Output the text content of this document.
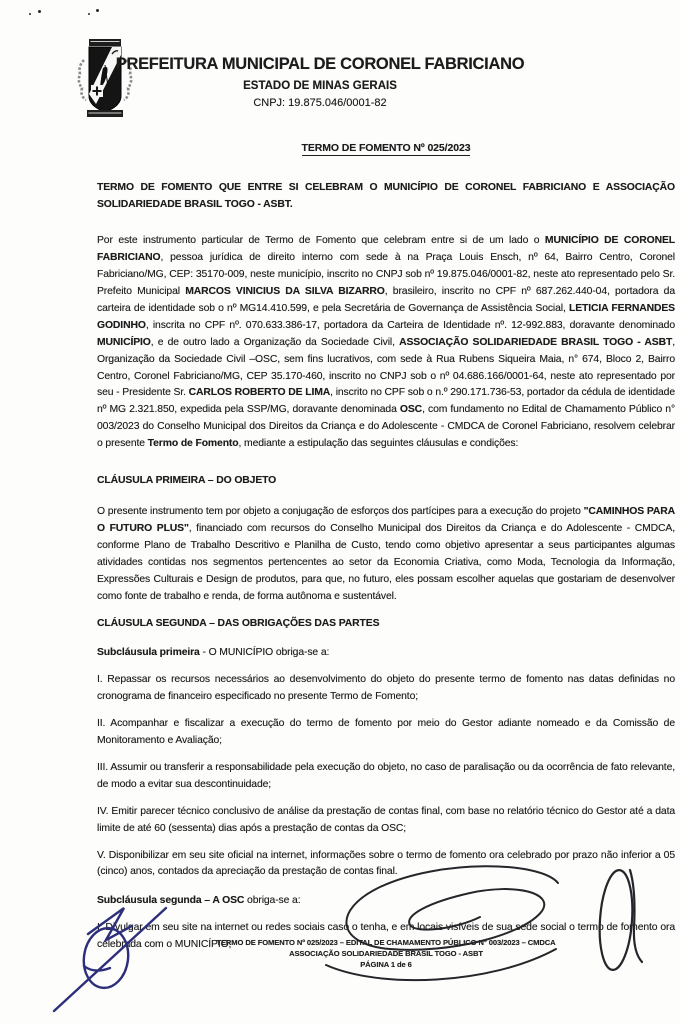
PREFEITURA MUNICIPAL DE CORONEL FABRICIANO
ESTADO DE MINAS GERAIS
CNPJ: 19.875.046/0001-82
TERMO DE FOMENTO Nº 025/2023

TERMO DE FOMENTO QUE ENTRE SI CELEBRAM O MUNICÍPIO DE CORONEL FABRICIANO E ASSOCIAÇÃO SOLIDARIEDADE BRASIL TOGO - ASBT.

Por este instrumento particular de Termo de Fomento que celebram entre si de um lado o MUNICÍPIO DE CORONEL FABRICIANO, pessoa jurídica de direito interno com sede à na Praça Louis Ensch, nº 64, Bairro Centro, Coronel Fabriciano/MG, CEP: 35170-009, neste município, inscrito no CNPJ sob nº 19.875.046/0001-82, neste ato representado pelo Sr. Prefeito Municipal MARCOS VINICIUS DA SILVA BIZARRO, brasileiro, inscrito no CPF nº 687.262.440-04, portadora da carteira de identidade sob o nº MG14.410.599, e pela Secretária de Governança de Assistência Social, LETICIA FERNANDES GODINHO, inscrita no CPF nº. 070.633.386-17, portadora da Carteira de Identidade nº. 12-992.883, doravante denominado MUNICÍPIO, e de outro lado a Organização da Sociedade Civil, ASSOCIAÇÃO SOLIDARIEDADE BRASIL TOGO - ASBT, Organização da Sociedade Civil –OSC, sem fins lucrativos, com sede à Rua Rubens Siqueira Maia, n° 674, Bloco 2, Bairro Centro, Coronel Fabriciano/MG, CEP 35.170-460, inscrito no CNPJ sob o nº 04.686.166/0001-64, neste ato representado por seu - Presidente Sr. CARLOS ROBERTO DE LIMA, inscrito no CPF sob o n.º 290.171.736-53, portador da cédula de identidade nº MG 2.321.850, expedida pela SSP/MG, doravante denominada OSC, com fundamento no Edital de Chamamento Público n° 003/2023 do Conselho Municipal dos Direitos da Criança e do Adolescente - CMDCA de Coronel Fabriciano, resolvem celebrar o presente Termo de Fomento, mediante a estipulação das seguintes cláusulas e condições:

CLÁUSULA PRIMEIRA – DO OBJETO

O presente instrumento tem por objeto a conjugação de esforços dos partícipes para a execução do projeto "CAMINHOS PARA O FUTURO PLUS", financiado com recursos do Conselho Municipal dos Direitos da Criança e do Adolescente - CMDCA, conforme Plano de Trabalho Descritivo e Planilha de Custo, tendo como objetivo apresentar a seus participantes algumas atividades contidas nos segmentos pertencentes ao setor da Economia Criativa, como Moda, Tecnologia da Informação, Expressões Culturais e Design de produtos, para que, no futuro, eles possam escolher aquelas que gostariam de desenvolver como fonte de trabalho e renda, de forma autônoma e sustentável.

CLÁUSULA SEGUNDA – DAS OBRIGAÇÕES DAS PARTES

Subcláusula primeira - O MUNICÍPIO obriga-se a:

I. Repassar os recursos necessários ao desenvolvimento do objeto do presente termo de fomento nas datas definidas no cronograma de financeiro especificado no presente Termo de Fomento;

II. Acompanhar e fiscalizar a execução do termo de fomento por meio do Gestor adiante nomeado e da Comissão de Monitoramento e Avaliação;

III. Assumir ou transferir a responsabilidade pela execução do objeto, no caso de paralisação ou da ocorrência de fato relevante, de modo a evitar sua descontinuidade;

IV. Emitir parecer técnico conclusivo de análise da prestação de contas final, com base no relatório técnico do Gestor até a data limite de até 60 (sessenta) dias após a prestação de contas da OSC;

V. Disponibilizar em seu site oficial na internet, informações sobre o termo de fomento ora celebrado por prazo não inferior a 05 (cinco) anos, contados da apreciação da prestação de contas final.

Subcláusula segunda – A OSC obriga-se a:

I. Divulgar em seu site na internet ou redes sociais caso o tenha, e em locais visíveis de sua sede social o termo de fomento ora celebrada com o MUNICÍPIO;

TERMO DE FOMENTO Nº 025/2023 – EDITAL DE CHAMAMENTO PÚBLICO N° 003/2023 – CMDCA
ASSOCIAÇÃO SOLIDARIEDADE BRASIL TOGO - ASBT
PÁGINA 1 de 6
